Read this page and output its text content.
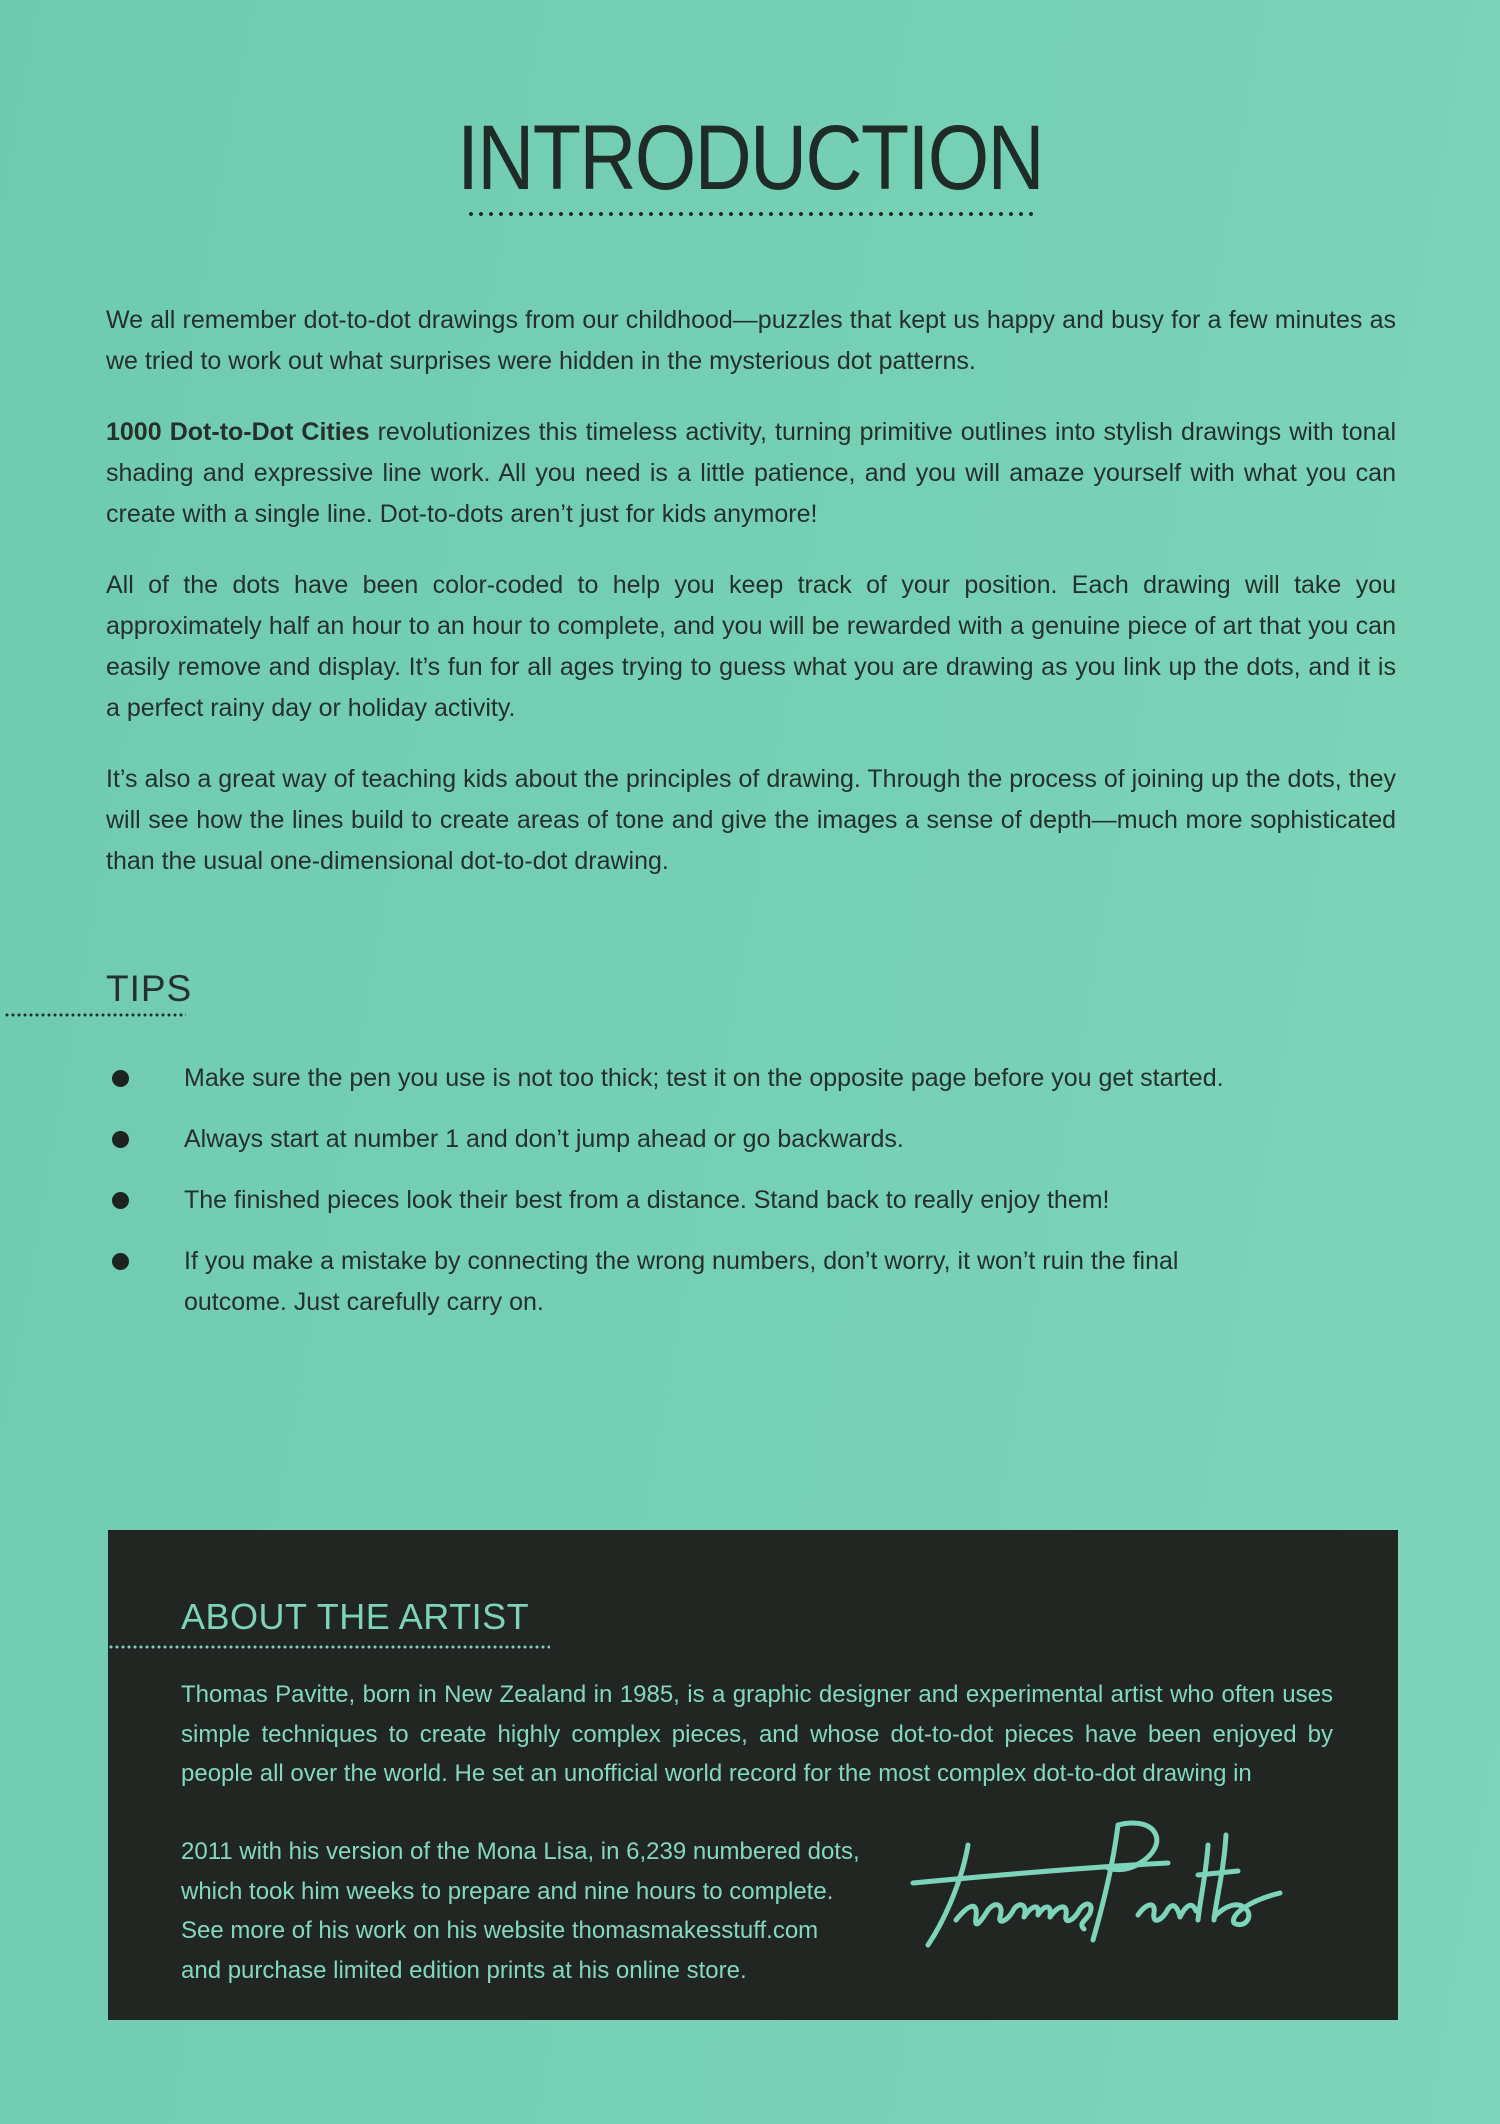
INTRODUCTION

We all remember dot-to-dot drawings from our childhood—puzzles that kept us happy and busy for a few minutes as we tried to work out what surprises were hidden in the mysterious dot patterns.

1000 Dot-to-Dot Cities revolutionizes this timeless activity, turning primitive outlines into stylish drawings with tonal shading and expressive line work. All you need is a little patience, and you will amaze yourself with what you can create with a single line. Dot-to-dots aren’t just for kids anymore!

All of the dots have been color-coded to help you keep track of your position. Each drawing will take you approximately half an hour to an hour to complete, and you will be rewarded with a genuine piece of art that you can easily remove and display. It’s fun for all ages trying to guess what you are drawing as you link up the dots, and it is a perfect rainy day or holiday activity.

It’s also a great way of teaching kids about the principles of drawing. Through the process of joining up the dots, they will see how the lines build to create areas of tone and give the images a sense of depth—much more sophisticated than the usual one-dimensional dot-to-dot drawing.

TIPS
Make sure the pen you use is not too thick; test it on the opposite page before you get started.
Always start at number 1 and don’t jump ahead or go backwards.
The finished pieces look their best from a distance. Stand back to really enjoy them!
If you make a mistake by connecting the wrong numbers, don’t worry, it won’t ruin the final outcome. Just carefully carry on.
ABOUT THE ARTIST

Thomas Pavitte, born in New Zealand in 1985, is a graphic designer and experimental artist who often uses simple techniques to create highly complex pieces, and whose dot-to-dot pieces have been enjoyed by people all over the world. He set an unofficial world record for the most complex dot-to-dot drawing in

2011 with his version of the Mona Lisa, in 6,239 numbered dots,
which took him weeks to prepare and nine hours to complete.
See more of his work on his website thomasmakesstuff.com
and purchase limited edition prints at his online store.
